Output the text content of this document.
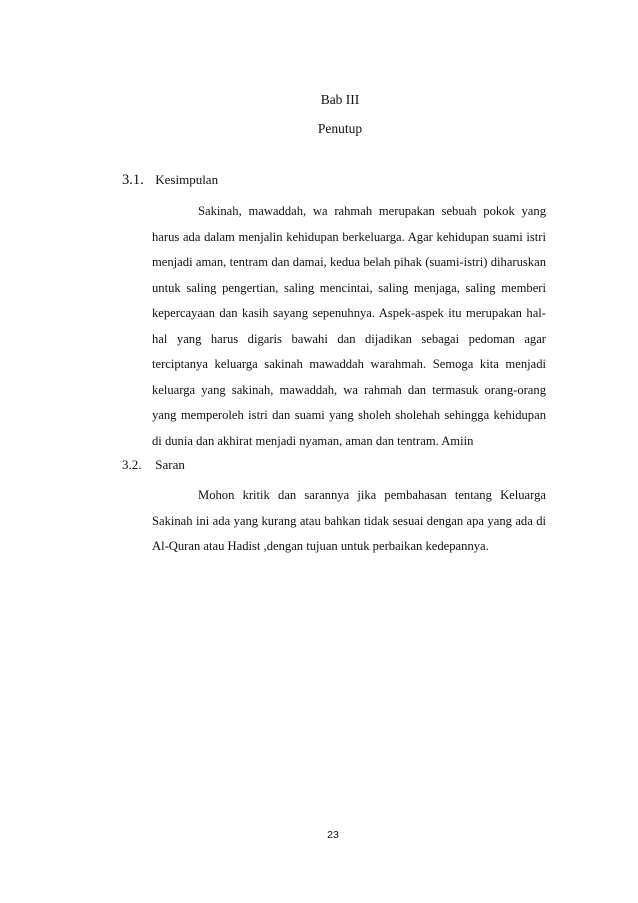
Bab III
Penutup
3.1. Kesimpulan

Sakinah, mawaddah, wa rahmah merupakan sebuah pokok yang harus ada dalam menjalin kehidupan berkeluarga. Agar kehidupan suami istri menjadi aman, tentram dan damai, kedua belah pihak (suami-istri) diharuskan untuk saling pengertian, saling mencintai, saling menjaga, saling memberi kepercayaan dan kasih sayang sepenuhnya. Aspek-aspek itu merupakan hal-hal yang harus digaris bawahi dan dijadikan sebagai pedoman agar terciptanya keluarga sakinah mawaddah warahmah. Semoga kita menjadi keluarga yang sakinah, mawaddah, wa rahmah dan termasuk orang-orang yang memperoleh istri dan suami yang sholeh sholehah sehingga kehidupan di dunia dan akhirat menjadi nyaman, aman dan tentram. Amiin

3.2. Saran

Mohon kritik dan sarannya jika pembahasan tentang Keluarga Sakinah ini ada yang kurang atau bahkan tidak sesuai dengan apa yang ada di Al-Quran atau Hadist ,dengan tujuan untuk perbaikan kedepannya.

23
